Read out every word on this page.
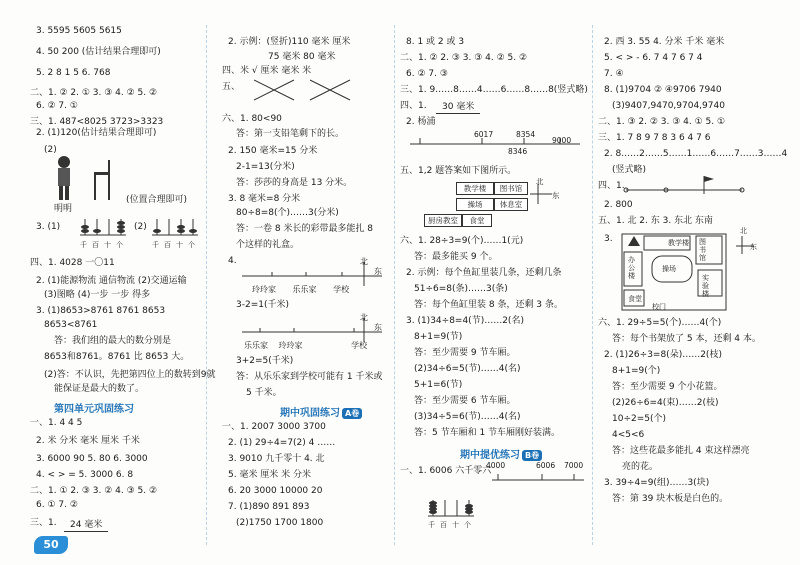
3. 5595 5605 5615
4. 50 200 (估计结果合理即可)
5. 2 8 1 5 6. 768
二、1. ② 2. ① 3. ③ 4. ② 5. ②
6. ② 7. ①
三、1. 487<8025 3723>3323
2. (1)120(估计结果合理即可)
(2)
明明
(位置合理即可)
3. (1)
千百十个
(2)
千百十个
四、1. 4028 一〇11
2. (1)能源物流 通信物流 (2)交通运输
(3)图略 (4)一步 一步 得多
3. (1)8653>8761 8761 8653
8653<8761
答：我们组的最大的数分别是
8653和8761。8761 比 8653 大。
(2)答：不认识，先把第四位上的数转到9就
能保证是最大的数了。
第四单元巩固练习
一、1. 4 4 5
2. 米 分米 毫米 厘米 千米
3. 6000 90 5. 80 6. 3000
4. < > = 5. 3000 6. 8
二、1. ① 2. ③ 3. ② 4. ③ 5. ②
6. ① 7. ②
三、1.	24 毫米
2. 示例：(竖折)110 毫米 厘米
75 毫米 80 毫米
四、米 √ 厘米 毫米 米
五、
六、1. 80<90
答：第一支铅笔剩下的长。
2. 150 毫米=15 分米
2-1=13(分米)
答：莎莎的身高是 13 分米。
3. 8 毫米=8 分米
80÷8=8(个)……3(分米)
答：一卷 8 米长的彩带最多能扎 8
个这样的礼盒。
4.	北
东
玲玲家 乐乐家 学校
3-2=1(千米)
北
东
乐乐家 玲玲家	学校
3+2=5(千米)
答：从乐乐家到学校可能有 1 千米或
5 千米。
期中巩固练习 A卷
一、1. 2007 3000 3700
2. (1) 29÷4=7(2) 4 ……
3. 9010 九千零十 4. 北
5. 毫米 厘米 米 分米
6. 20 3000 10000 20
7. (1)890 891 893
(2)1750 1700 1800
8. 1 或 2 或 3
二、1. ② 2. ③ 3. ③ 4. ② 5. ②
6. ② 7. ③
三、1. 9……8……4……6……8……8(竖式略)
四、1.	30 毫米
2. 杨浦
6017	8354
9000
8346
五、1,2 题答案如下图所示。
教学楼	图书馆
操场	体息室
厨房教室	食堂
北
东
六、1. 28÷3=9(个)……1(元)
答：最多能买 9 个。
2. 示例：每个鱼缸里装几条，还剩几条
51÷6=8(条)……3(条)
答：每个鱼缸里装 8 条，还剩 3 条。
3. (1)34÷8=4(节)……2(名)
8+1=9(节)
答：至少需要 9 节车厢。
(2)34÷6=5(节)……4(名)
5+1=6(节)
答：至少需要 6 节车厢。
(3)34÷5=6(节)……4(名)
答：5 节车厢和 1 节车厢刚好装满。
期中提优练习 B卷
一、1. 6006 六千零六
4000	6006 7000
千百十个
2. 西 3. 55 4. 分米 千米 毫米
5. < > - 6. 7 4 7 6 7 4
7. ④
8. (1)9704 ② ④9706 7940
(3)9407,9470,9704,9740
二、1. ③ 2. ② 3. ③ 4. ① 5. ①
三、1. 7 8 9 7 8 3 6 4 7 6
2. 8……2……5……1……6……7……3……4
(竖式略)
四、1.
2. 800
五、1. 北 2. 东 3. 东北 东南
3.	教学楼 图书馆
办公楼
操场
实验楼
食堂
校门
北
东
六、1. 29÷5=5(个)……4(个)
答：每个书架放了 5 本，还剩 4 本。
2. (1)26÷3=8(朵)……2(枝)
8+1=9(个)
答：至少需要 9 个小花篮。
(2)26÷6=4(束)……2(枝)
10÷2=5(个)
4<5<6
答：这些花最多能扎 4 束这样漂亮
亮的花。
3. 39÷4=9(组)……3(块)
答：第 39 块木板是白色的。
50
